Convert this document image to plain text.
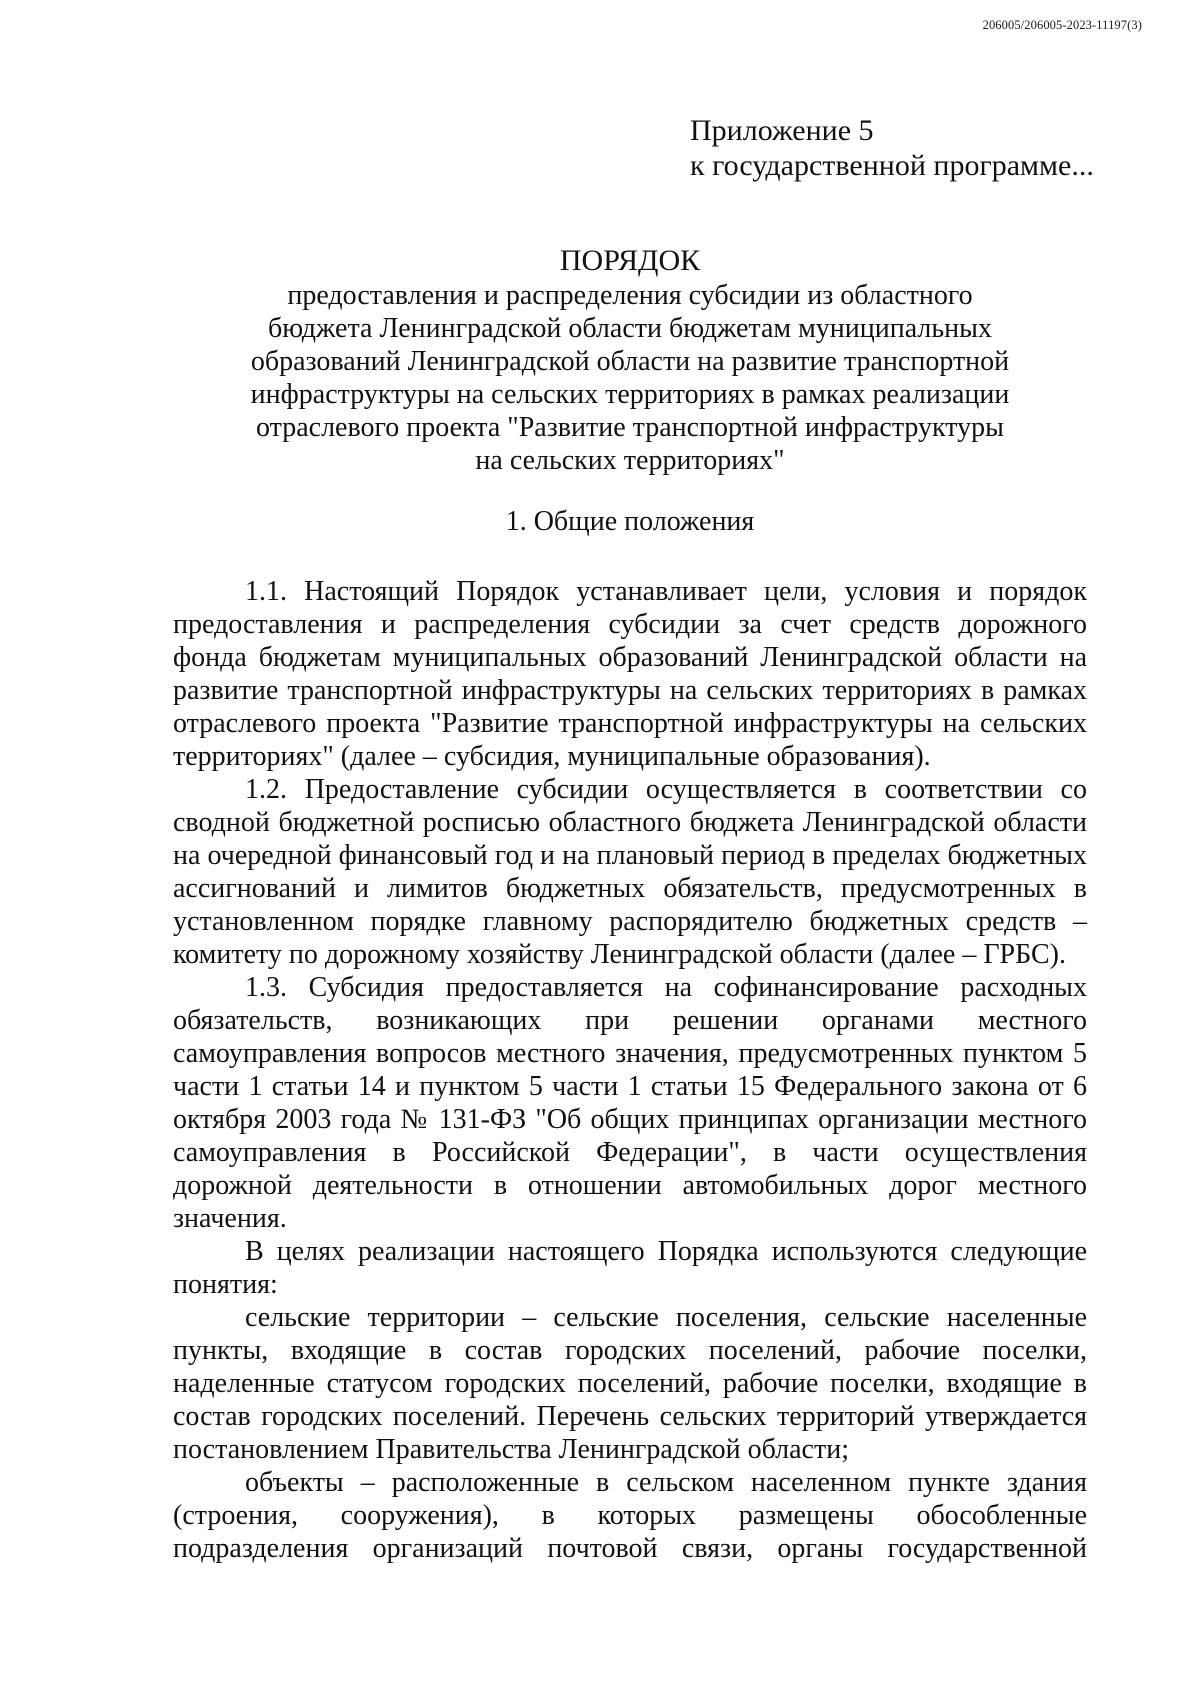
206005/206005-2023-11197(3)
Приложение 5
к государственной программе...
ПОРЯДОК
предоставления и распределения субсидии из областного
бюджета Ленинградской области бюджетам муниципальных
образований Ленинградской области на развитие транспортной
инфраструктуры на сельских территориях в рамках реализации
отраслевого проекта "Развитие транспортной инфраструктуры
на сельских территориях"
1. Общие положения

1.1. Настоящий Порядок устанавливает цели, условия и порядок предоставления и распределения субсидии за счет средств дорожного фонда бюджетам муниципальных образований Ленинградской области на развитие транспортной инфраструктуры на сельских территориях в рамках отраслевого проекта "Развитие транспортной инфраструктуры на сельских территориях" (далее – субсидия, муниципальные образования).

1.2. Предоставление субсидии осуществляется в соответствии со сводной бюджетной росписью областного бюджета Ленинградской области на очередной финансовый год и на плановый период в пределах бюджетных ассигнований и лимитов бюджетных обязательств, предусмотренных в установленном порядке главному распорядителю бюджетных средств – комитету по дорожному хозяйству Ленинградской области (далее – ГРБС).

1.3. Субсидия предоставляется на софинансирование расходных обязательств, возникающих при решении органами местного самоуправления вопросов местного значения, предусмотренных пунктом 5 части 1 статьи 14 и пунктом 5 части 1 статьи 15 Федерального закона от 6 октября 2003 года № 131-ФЗ "Об общих принципах организации местного самоуправления в Российской Федерации", в части осуществления дорожной деятельности в отношении автомобильных дорог местного значения.

В целях реализации настоящего Порядка используются следующие понятия:

сельские территории – сельские поселения, сельские населенные пункты, входящие в состав городских поселений, рабочие поселки, наделенные статусом городских поселений, рабочие поселки, входящие в состав городских поселений. Перечень сельских территорий утверждается постановлением Правительства Ленинградской области;

объекты – расположенные в сельском населенном пункте здания (строения, сооружения), в которых размещены обособленные подразделения организаций почтовой связи, органы государственной
